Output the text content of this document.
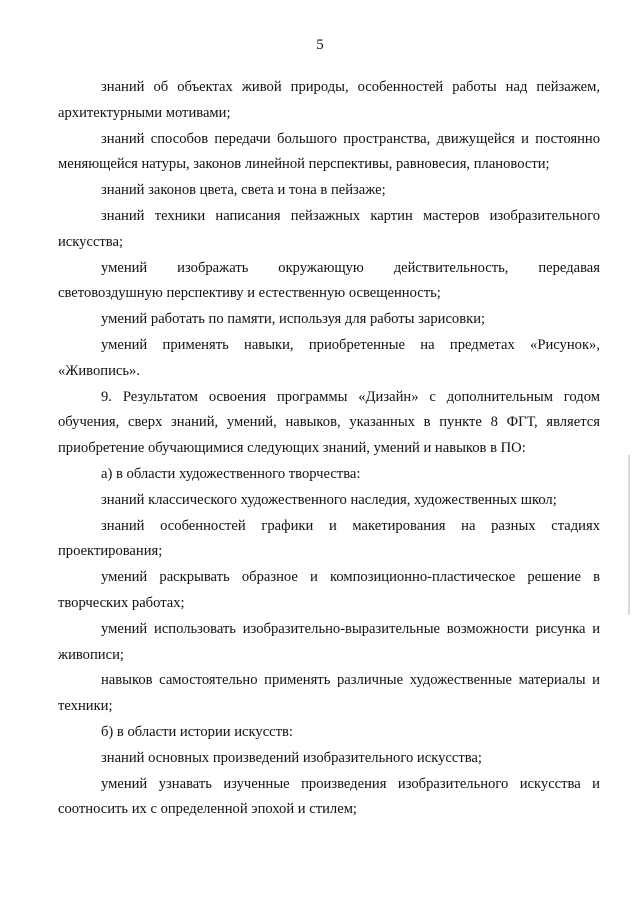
5

знаний об объектах живой природы, особенностей работы над пейзажем, архитектурными мотивами;

знаний способов передачи большого пространства, движущейся и постоянно меняющейся натуры, законов линейной перспективы, равновесия, плановости;

знаний законов цвета, света и тона в пейзаже;

знаний техники написания пейзажных картин мастеров изобразительного искусства;

умений изображать окружающую действительность, передавая световоздушную перспективу и естественную освещенность;

умений работать по памяти, используя для работы зарисовки;

умений применять навыки, приобретенные на предметах «Рисунок», «Живопись».

9. Результатом освоения программы «Дизайн» с дополнительным годом обучения, сверх знаний, умений, навыков, указанных в пункте 8 ФГТ, является приобретение обучающимися следующих знаний, умений и навыков в ПО:

а) в области художественного творчества:

знаний классического художественного наследия, художественных школ;

знаний особенностей графики и макетирования на разных стадиях проектирования;

умений раскрывать образное и композиционно-пластическое решение в творческих работах;

умений использовать изобразительно-выразительные возможности рисунка и живописи;

навыков самостоятельно применять различные художественные материалы и техники;

б) в области истории искусств:

знаний основных произведений изобразительного искусства;

умений узнавать изученные произведения изобразительного искусства и соотносить их с определенной эпохой и стилем;
